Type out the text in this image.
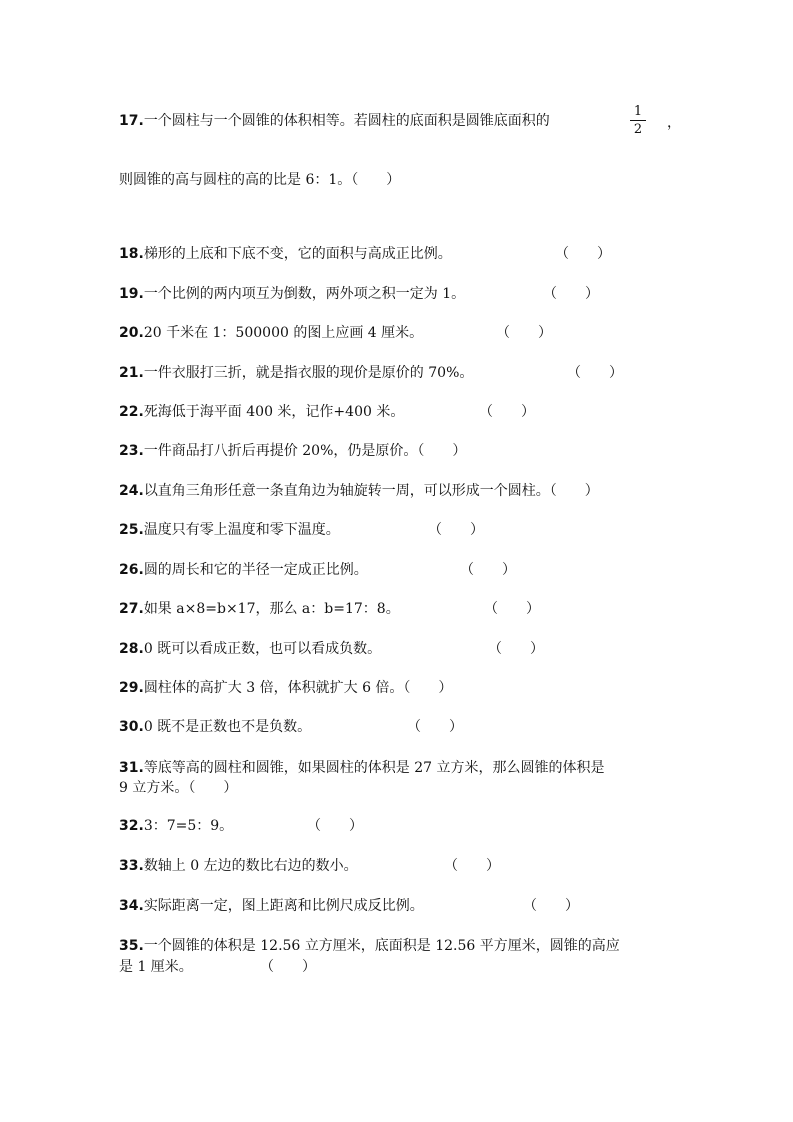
17.一个圆柱与一个圆锥的体积相等。若圆柱的底面积是圆锥底面积的
1
2 ，
则圆锥的高与圆柱的高的比是 6：1。（　　）
18.梯形的上底和下底不变，它的面积与高成正比例。	（　　）
19.一个比例的两内项互为倒数，两外项之积一定为 1。	（　　）
20.20 千米在 1：500000 的图上应画 4 厘米。	（　　）
21.一件衣服打三折，就是指衣服的现价是原价的 70%。	（　　）
22.死海低于海平面 400 米，记作+400 米。	（　　）
23.一件商品打八折后再提价 20%，仍是原价。（　　）
24.以直角三角形任意一条直角边为轴旋转一周，可以形成一个圆柱。（　　）
25.温度只有零上温度和零下温度。	（　　）
26.圆的周长和它的半径一定成正比例。	（　　）
27.如果 a×8=b×17，那么 a：b=17：8。	（　　）
28.0 既可以看成正数，也可以看成负数。	（　　）
29.圆柱体的高扩大 3 倍，体积就扩大 6 倍。（　　）
30.0 既不是正数也不是负数。	（　　）
31.等底等高的圆柱和圆锥，如果圆柱的体积是 27 立方米，那么圆锥的体积是
9 立方米。（　　）
32.3：7=5：9。	（　　）
33.数轴上 0 左边的数比右边的数小。	（　　）
34.实际距离一定，图上距离和比例尺成反比例。	（　　）
35.一个圆锥的体积是 12.56 立方厘米，底面积是 12.56 平方厘米，圆锥的高应
是 1 厘米。	（　　）
